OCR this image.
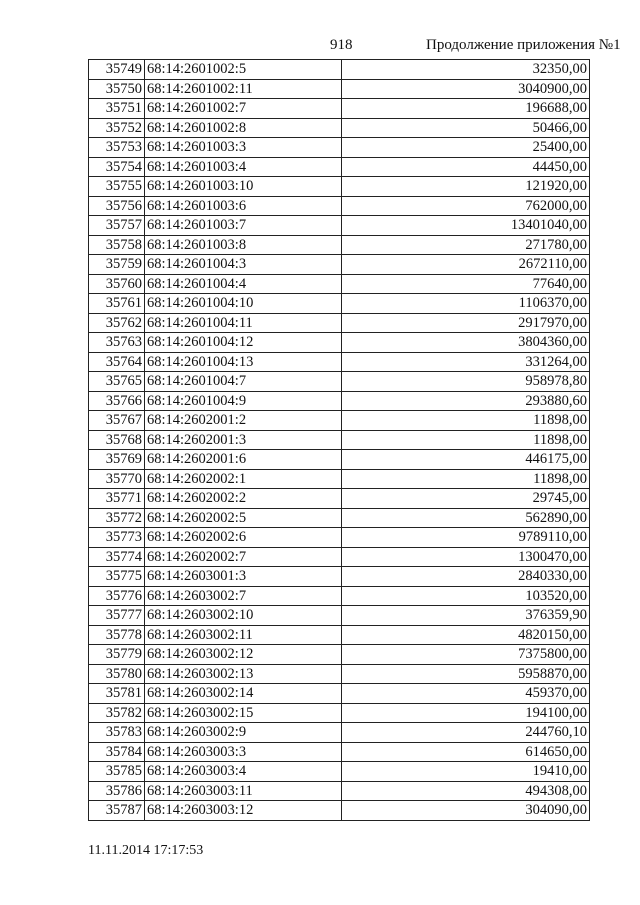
918	Продолжение приложения №1
35749	68:14:2601002:5	32350,00
35750	68:14:2601002:11	3040900,00
35751	68:14:2601002:7	196688,00
35752	68:14:2601002:8	50466,00
35753	68:14:2601003:3	25400,00
35754	68:14:2601003:4	44450,00
35755	68:14:2601003:10	121920,00
35756	68:14:2601003:6	762000,00
35757	68:14:2601003:7	13401040,00
35758	68:14:2601003:8	271780,00
35759	68:14:2601004:3	2672110,00
35760	68:14:2601004:4	77640,00
35761	68:14:2601004:10	1106370,00
35762	68:14:2601004:11	2917970,00
35763	68:14:2601004:12	3804360,00
35764	68:14:2601004:13	331264,00
35765	68:14:2601004:7	958978,80
35766	68:14:2601004:9	293880,60
35767	68:14:2602001:2	11898,00
35768	68:14:2602001:3	11898,00
35769	68:14:2602001:6	446175,00
35770	68:14:2602002:1	11898,00
35771	68:14:2602002:2	29745,00
35772	68:14:2602002:5	562890,00
35773	68:14:2602002:6	9789110,00
35774	68:14:2602002:7	1300470,00
35775	68:14:2603001:3	2840330,00
35776	68:14:2603002:7	103520,00
35777	68:14:2603002:10	376359,90
35778	68:14:2603002:11	4820150,00
35779	68:14:2603002:12	7375800,00
35780	68:14:2603002:13	5958870,00
35781	68:14:2603002:14	459370,00
35782	68:14:2603002:15	194100,00
35783	68:14:2603002:9	244760,10
35784	68:14:2603003:3	614650,00
35785	68:14:2603003:4	19410,00
35786	68:14:2603003:11	494308,00
35787	68:14:2603003:12	304090,00
11.11.2014 17:17:53
